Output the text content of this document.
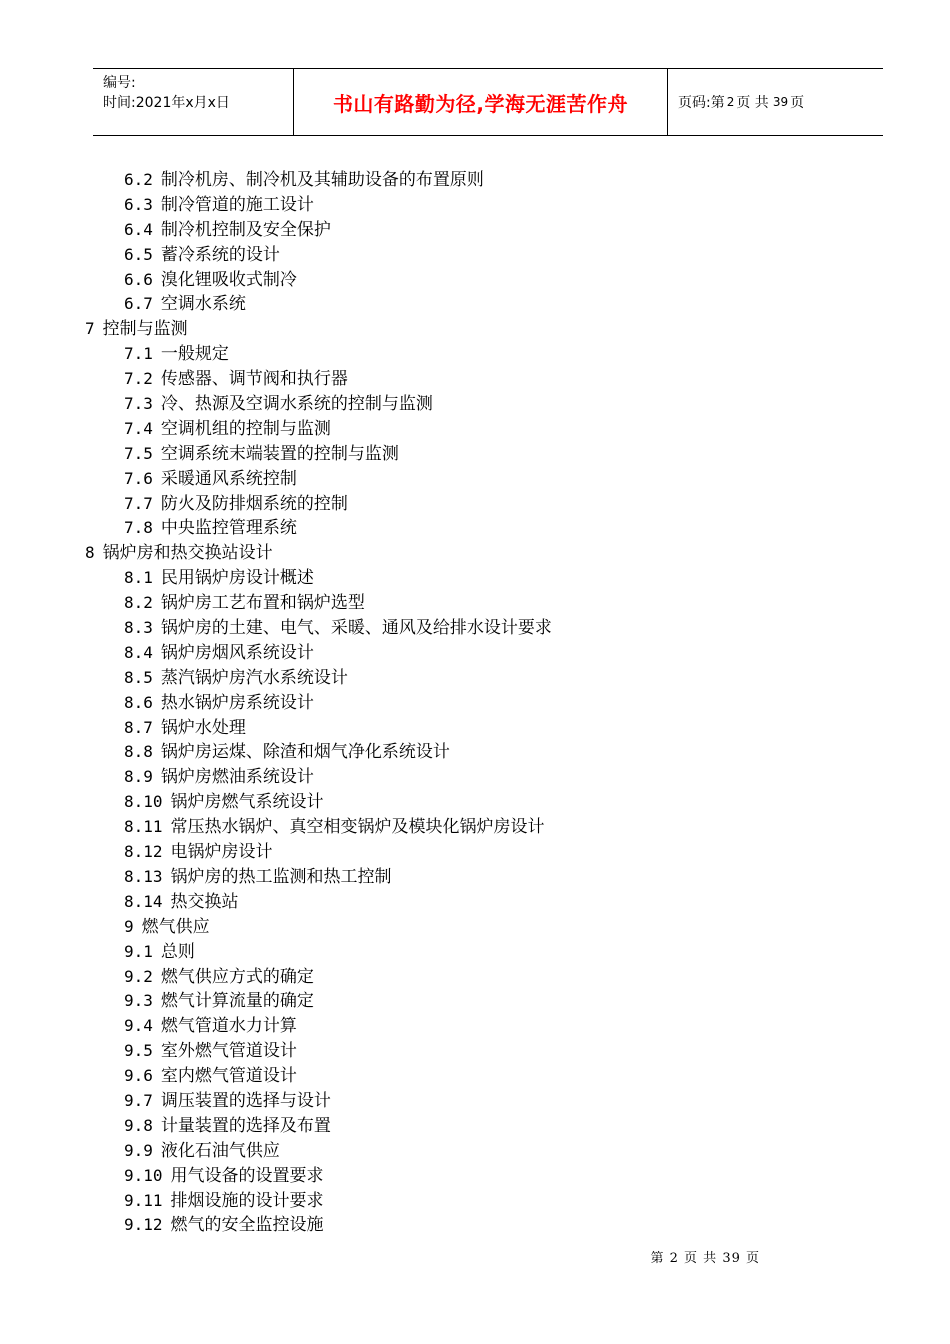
编号:
时间:2021年x月x日	书山有路勤为径,学海无涯苦作舟	页码:第 2 页 共 39 页
6.2 制冷机房、制冷机及其辅助设备的布置原则
6.3 制冷管道的施工设计
6.4 制冷机控制及安全保护
6.5 蓄冷系统的设计
6.6 溴化锂吸收式制冷
6.7 空调水系统
7 控制与监测
7.1 一般规定
7.2 传感器、调节阀和执行器
7.3 冷、热源及空调水系统的控制与监测
7.4 空调机组的控制与监测
7.5 空调系统末端装置的控制与监测
7.6 采暖通风系统控制
7.7 防火及防排烟系统的控制
7.8 中央监控管理系统
8 锅炉房和热交换站设计
8.1 民用锅炉房设计概述
8.2 锅炉房工艺布置和锅炉选型
8.3 锅炉房的土建、电气、采暖、通风及给排水设计要求
8.4 锅炉房烟风系统设计
8.5 蒸汽锅炉房汽水系统设计
8.6 热水锅炉房系统设计
8.7 锅炉水处理
8.8 锅炉房运煤、除渣和烟气净化系统设计
8.9 锅炉房燃油系统设计
8.10 锅炉房燃气系统设计
8.11 常压热水锅炉、真空相变锅炉及模块化锅炉房设计
8.12 电锅炉房设计
8.13 锅炉房的热工监测和热工控制
8.14 热交换站
9 燃气供应
9.1 总则
9.2 燃气供应方式的确定
9.3 燃气计算流量的确定
9.4 燃气管道水力计算
9.5 室外燃气管道设计
9.6 室内燃气管道设计
9.7 调压装置的选择与设计
9.8 计量装置的选择及布置
9.9 液化石油气供应
9.10 用气设备的设置要求
9.11 排烟设施的设计要求
9.12 燃气的安全监控设施
第 2 页 共 39 页
